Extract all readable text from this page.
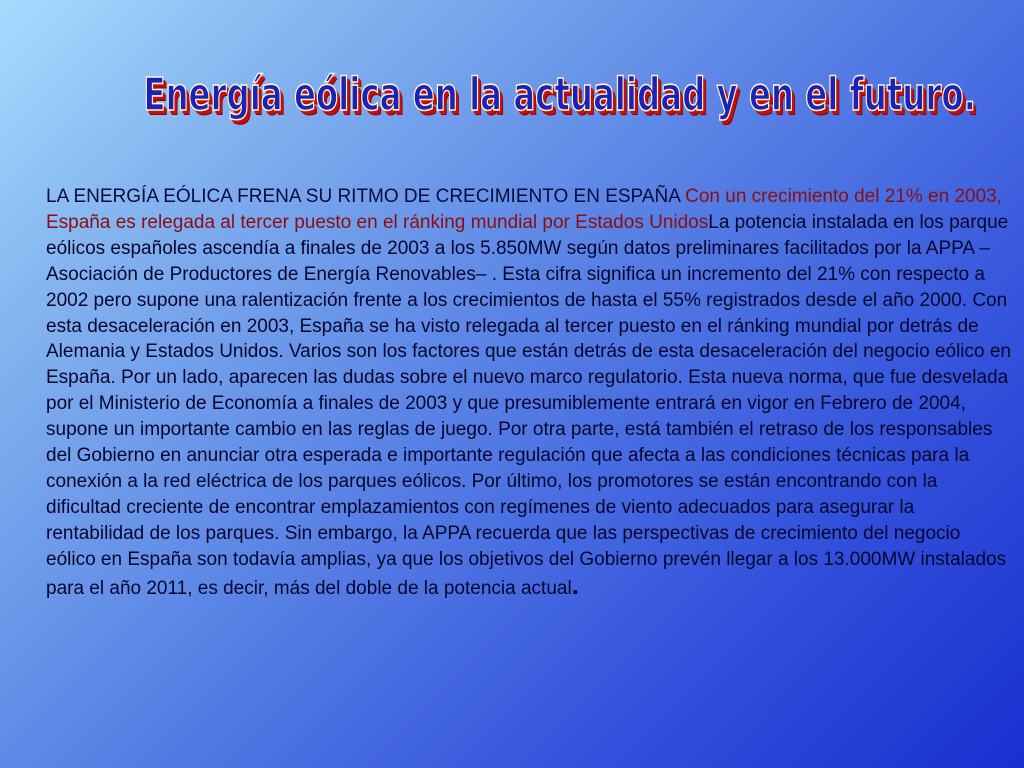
Energía eólica en la actualidad y en el futuro.

LA ENERGÍA EÓLICA FRENA SU RITMO DE CRECIMIENTO EN ESPAÑA Con un crecimiento del 21% en 2003, España es relegada al tercer puesto en el ránking mundial por Estados UnidosLa potencia instalada en los parque eólicos españoles ascendía a finales de 2003 a los 5.850MW según datos preliminares facilitados por la APPA –Asociación de Productores de Energía Renovables– . Esta cifra significa un incremento del 21% con respecto a 2002 pero supone una ralentización frente a los crecimientos de hasta el 55% registrados desde el año 2000. Con esta desaceleración en 2003, España se ha visto relegada al tercer puesto en el ránking mundial por detrás de Alemania y Estados Unidos. Varios son los factores que están detrás de esta desaceleración del negocio eólico en España. Por un lado, aparecen las dudas sobre el nuevo marco regulatorio. Esta nueva norma, que fue desvelada por el Ministerio de Economía a finales de 2003 y que presumiblemente entrará en vigor en Febrero de 2004, supone un importante cambio en las reglas de juego. Por otra parte, está también el retraso de los responsables del Gobierno en anunciar otra esperada e importante regulación que afecta a las condiciones técnicas para la conexión a la red eléctrica de los parques eólicos. Por último, los promotores se están encontrando con la dificultad creciente de encontrar emplazamientos con regímenes de viento adecuados para asegurar la rentabilidad de los parques. Sin embargo, la APPA recuerda que las perspectivas de crecimiento del negocio eólico en España son todavía amplias, ya que los objetivos del Gobierno prevén llegar a los 13.000MW instalados para el año 2011, es decir, más del doble de la potencia actual.
